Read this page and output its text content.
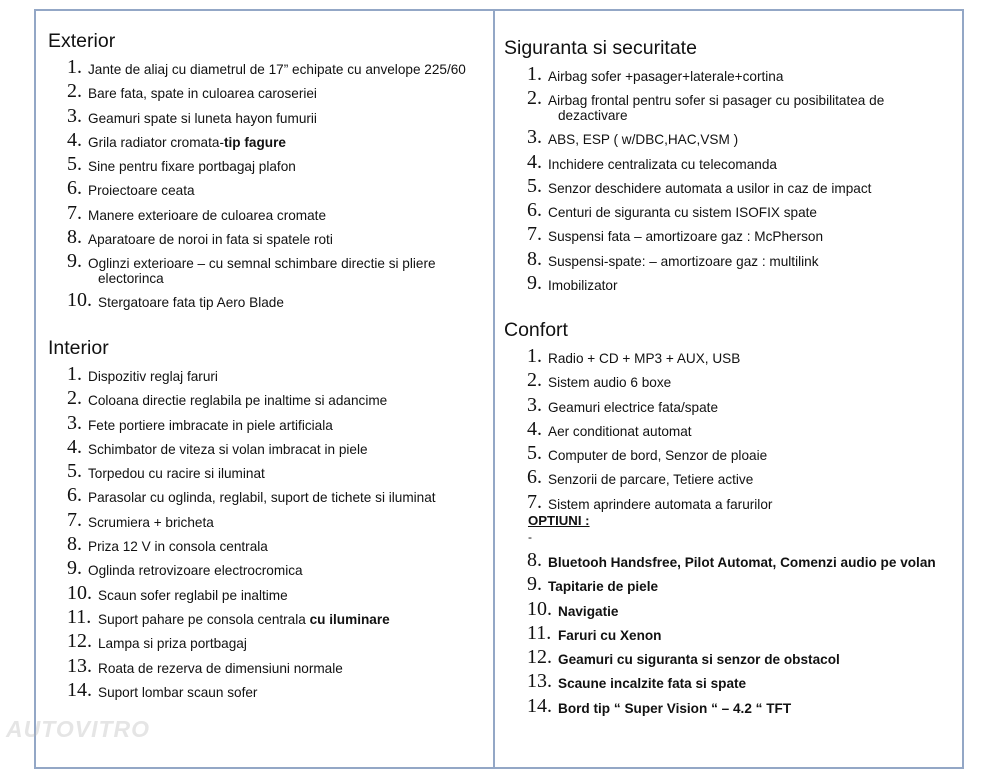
Exterior
1. Jante de aliaj cu diametrul de 17” echipate cu anvelope 225/60
2. Bare fata, spate in culoarea caroseriei
3. Geamuri spate si luneta hayon fumurii
4. Grila radiator cromata-tip fagure
5. Sine pentru fixare portbagaj plafon
6. Proiectoare ceata
7. Manere exterioare de culoarea cromate
8. Aparatoare de noroi in fata si spatele roti
9. Oglinzi exterioare – cu semnal schimbare directie si pliere
electorinca
10. Stergatoare fata tip Aero Blade
Interior
1. Dispozitiv reglaj faruri
2. Coloana directie reglabila pe inaltime si adancime
3. Fete portiere imbracate in piele artificiala
4. Schimbator de viteza si volan imbracat in piele
5. Torpedou cu racire si iluminat
6. Parasolar cu oglinda, reglabil, suport de tichete si iluminat
7. Scrumiera + bricheta
8. Priza 12 V in consola centrala
9. Oglinda retrovizoare electrocromica
10. Scaun sofer reglabil pe inaltime
11. Suport pahare pe consola centrala cu iluminare
12. Lampa si priza portbagaj
13. Roata de rezerva de dimensiuni normale
14. Suport lombar scaun sofer
Siguranta si securitate
1. Airbag sofer +pasager+laterale+cortina
2. Airbag frontal pentru sofer si pasager cu posibilitatea de
dezactivare
3. ABS, ESP ( w/DBC,HAC,VSM )
4. Inchidere centralizata cu telecomanda
5. Senzor deschidere automata a usilor in caz de impact
6. Centuri de siguranta cu sistem ISOFIX spate
7. Suspensi fata – amortizoare gaz : McPherson
8. Suspensi-spate: – amortizoare gaz : multilink
9. Imobilizator
Confort
1. Radio + CD + MP3 + AUX, USB
2. Sistem audio 6 boxe
3. Geamuri electrice fata/spate
4. Aer conditionat automat
5. Computer de bord, Senzor de ploaie
6. Senzorii de parcare, Tetiere active
7. Sistem aprindere automata a farurilor
OPTIUNI :
-
8. Bluetooh Handsfree, Pilot Automat, Comenzi audio pe volan
9. Tapitarie de piele
10. Navigatie
11. Faruri cu Xenon
12. Geamuri cu siguranta si senzor de obstacol
13. Scaune incalzite fata si spate
14. Bord tip “ Super Vision “ – 4.2 “ TFT
AUTOVITRO
